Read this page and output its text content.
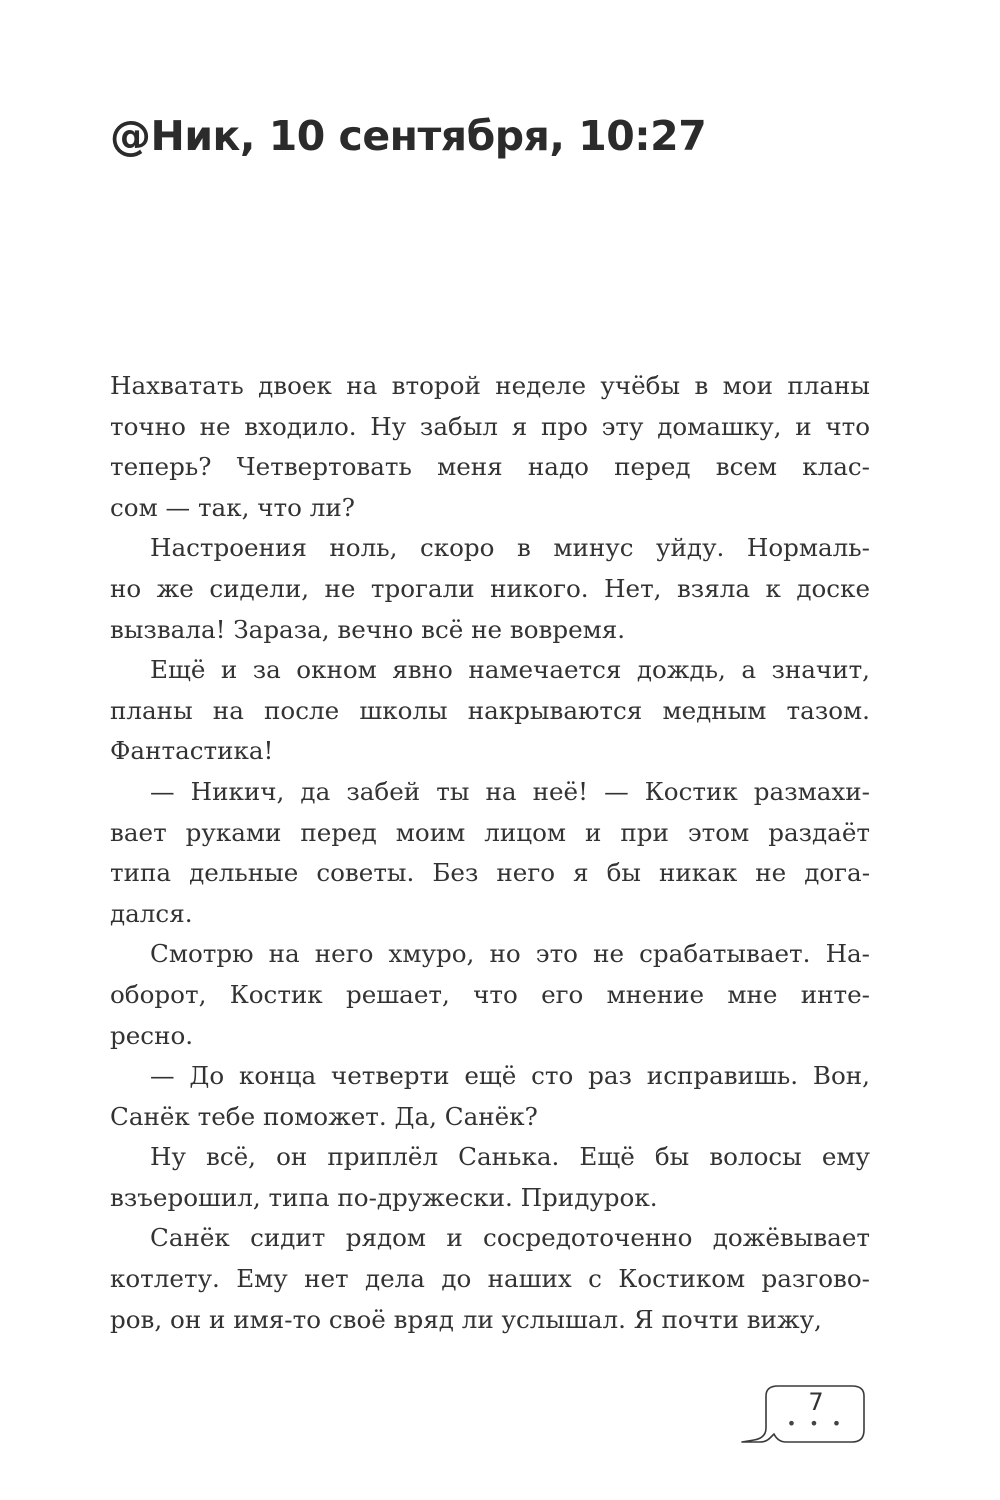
@Ник, 10 сентября, 10:27

Нахватать двоек на второй неделе учёбы в мои планы
точно не входило. Ну забыл я про эту домашку, и что
теперь? Четвертовать меня надо перед всем клас-
сом — так, что ли?

Настроения ноль, скоро в минус уйду. Нормаль-
но же сидели, не трогали никого. Нет, взяла к доске
вызвала! Зараза, вечно всё не вовремя.

Ещё и за окном явно намечается дождь, а значит,
планы на после школы накрываются медным тазом.
Фантастика!

— Никич, да забей ты на неё! — Костик размахи-
вает руками перед моим лицом и при этом раздаёт
типа дельные советы. Без него я бы никак не дога-
дался.

Смотрю на него хмуро, но это не срабатывает. На-
оборот, Костик решает, что его мнение мне инте-
ресно.

— До конца четверти ещё сто раз исправишь. Вон,
Санёк тебе поможет. Да, Санёк?

Ну всё, он приплёл Санька. Ещё бы волосы ему
взъерошил, типа по-дружески. Придурок.

Санёк сидит рядом и сосредоточенно дожёвывает
котлету. Ему нет дела до наших с Костиком разгово-
ров, он и имя-то своё вряд ли услышал. Я почти вижу,

7
• • •
